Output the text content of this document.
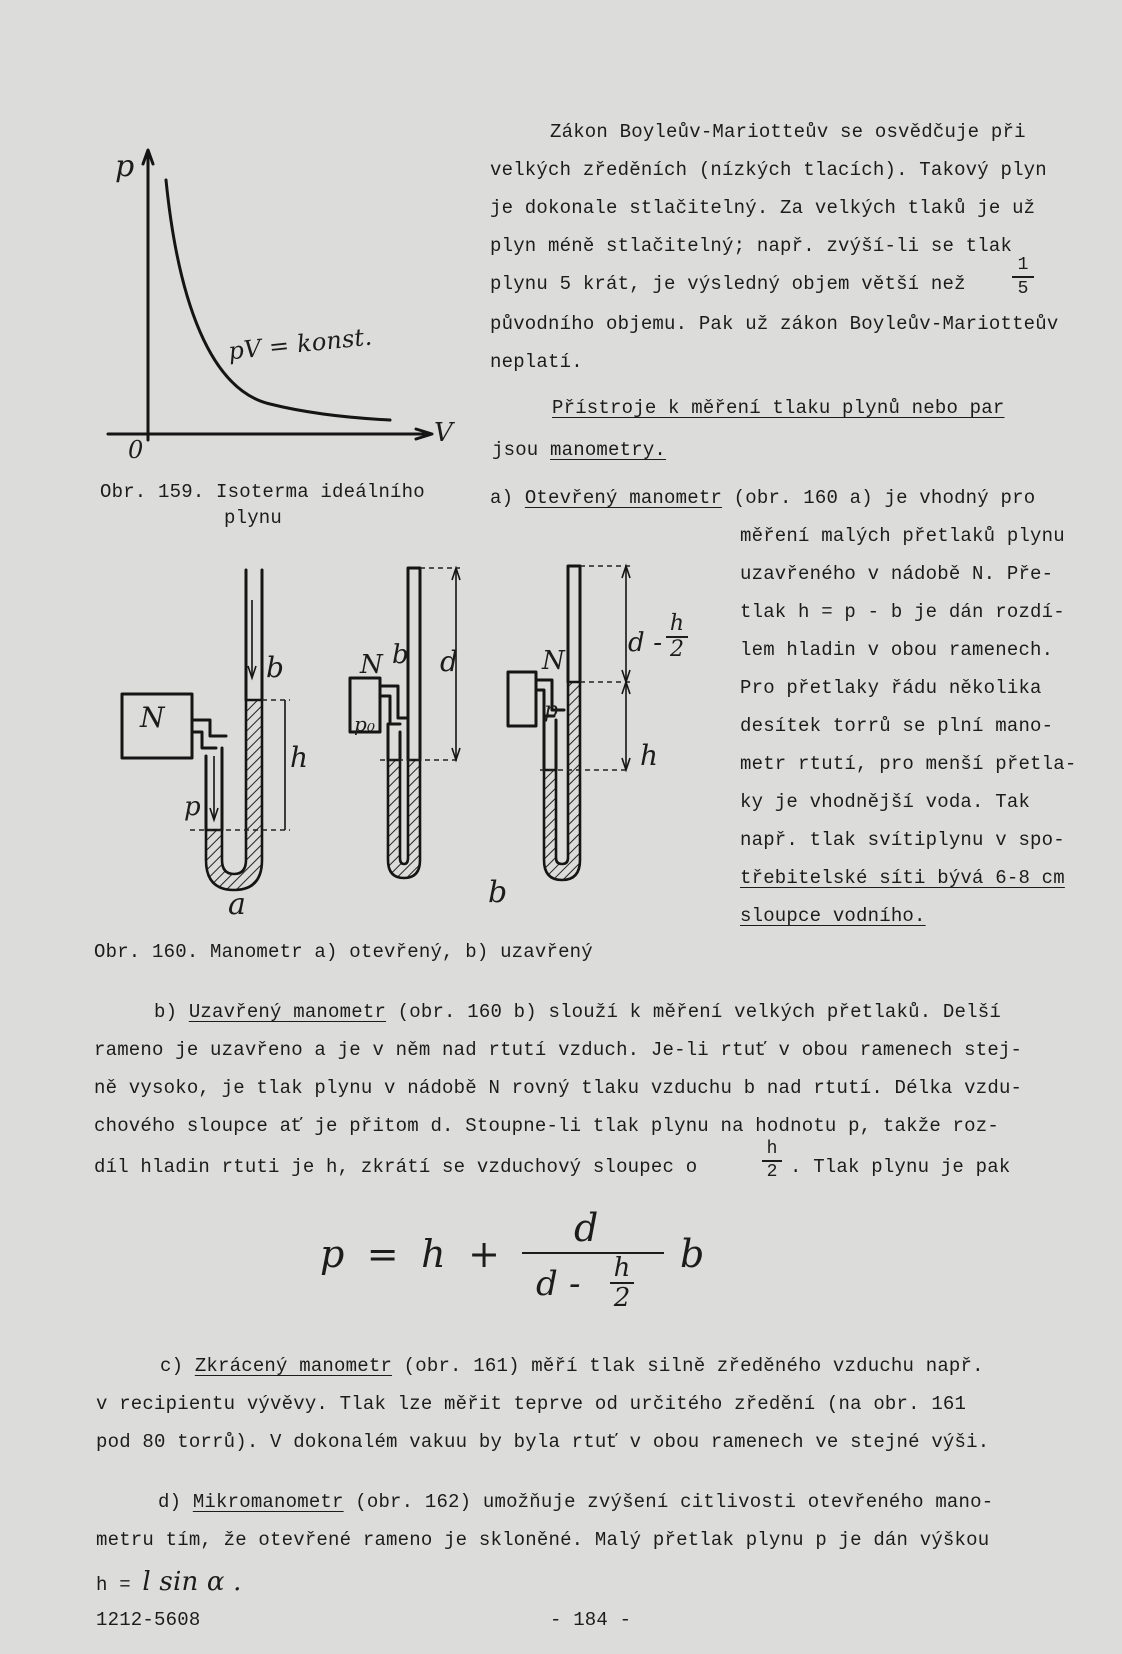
p
V
0
pV = konst.
Obr. 159. Isoterma ideálního
plynu
Zákon Boyleův-Mariotteův se osvědčuje při
velkých zředěních (nízkých tlacích). Takový plyn
je dokonale stlačitelný. Za velkých tlaků je už
plyn méně stlačitelný; např. zvýší-li se tlak
plynu 5 krát, je výsledný objem větší než	$\frac{1}{5}$
původního objemu. Pak už zákon Boyleův-Mariotteův
neplatí.
Přístroje k měření tlaku plynů nebo par
jsou manometry.
a) Otevřený manometr (obr. 160 a) je vhodný pro
měření malých přetlaků plynu
uzavřeného v nádobě N. Pře-
tlak h = p - b je dán rozdí-
lem hladin v obou ramenech.
Pro přetlaky řádu několika
desítek torrů se plní mano-
metr rtutí, pro menší přetla-
ky je vhodnější voda. Tak
např. tlak svítiplynu v spo-
třebitelské síti bývá 6-8 cm
sloupce vodního.
N
b
h
p
N b
p₀
d	N
p
d - $\frac{h}{2}$
h
a	b
Obr. 160. Manometr a) otevřený, b) uzavřený
b) Uzavřený manometr (obr. 160 b) slouží k měření velkých přetlaků. Delší
rameno je uzavřeno a je v něm nad rtutí vzduch. Je-li rtuť v obou ramenech stej-
ně vysoko, je tlak plynu v nádobě N rovný tlaku vzduchu b nad rtutí. Délka vzdu-
chového sloupce ať je přitom d. Stoupne-li tlak plynu na hodnotu p, takže roz-
díl hladin rtuti je h, zkrátí se vzduchový sloupec o	$\frac{h}{2}$ . Tlak plynu je pak
p = h +
d
d - $\frac{h}{2}$ b
c) Zkrácený manometr (obr. 161) měří tlak silně zředěného vzduchu např.
v recipientu vývěvy. Tlak lze měřit teprve od určitého zředění (na obr. 161
pod 80 torrů). V dokonalém vakuu by byla rtuť v obou ramenech ve stejné výši.
d) Mikromanometr (obr. 162) umožňuje zvýšení citlivosti otevřeného mano-
metru tím, že otevřené rameno je skloněné. Malý přetlak plynu p je dán výškou
h = l sin α .
1212-5608	- 184 -
